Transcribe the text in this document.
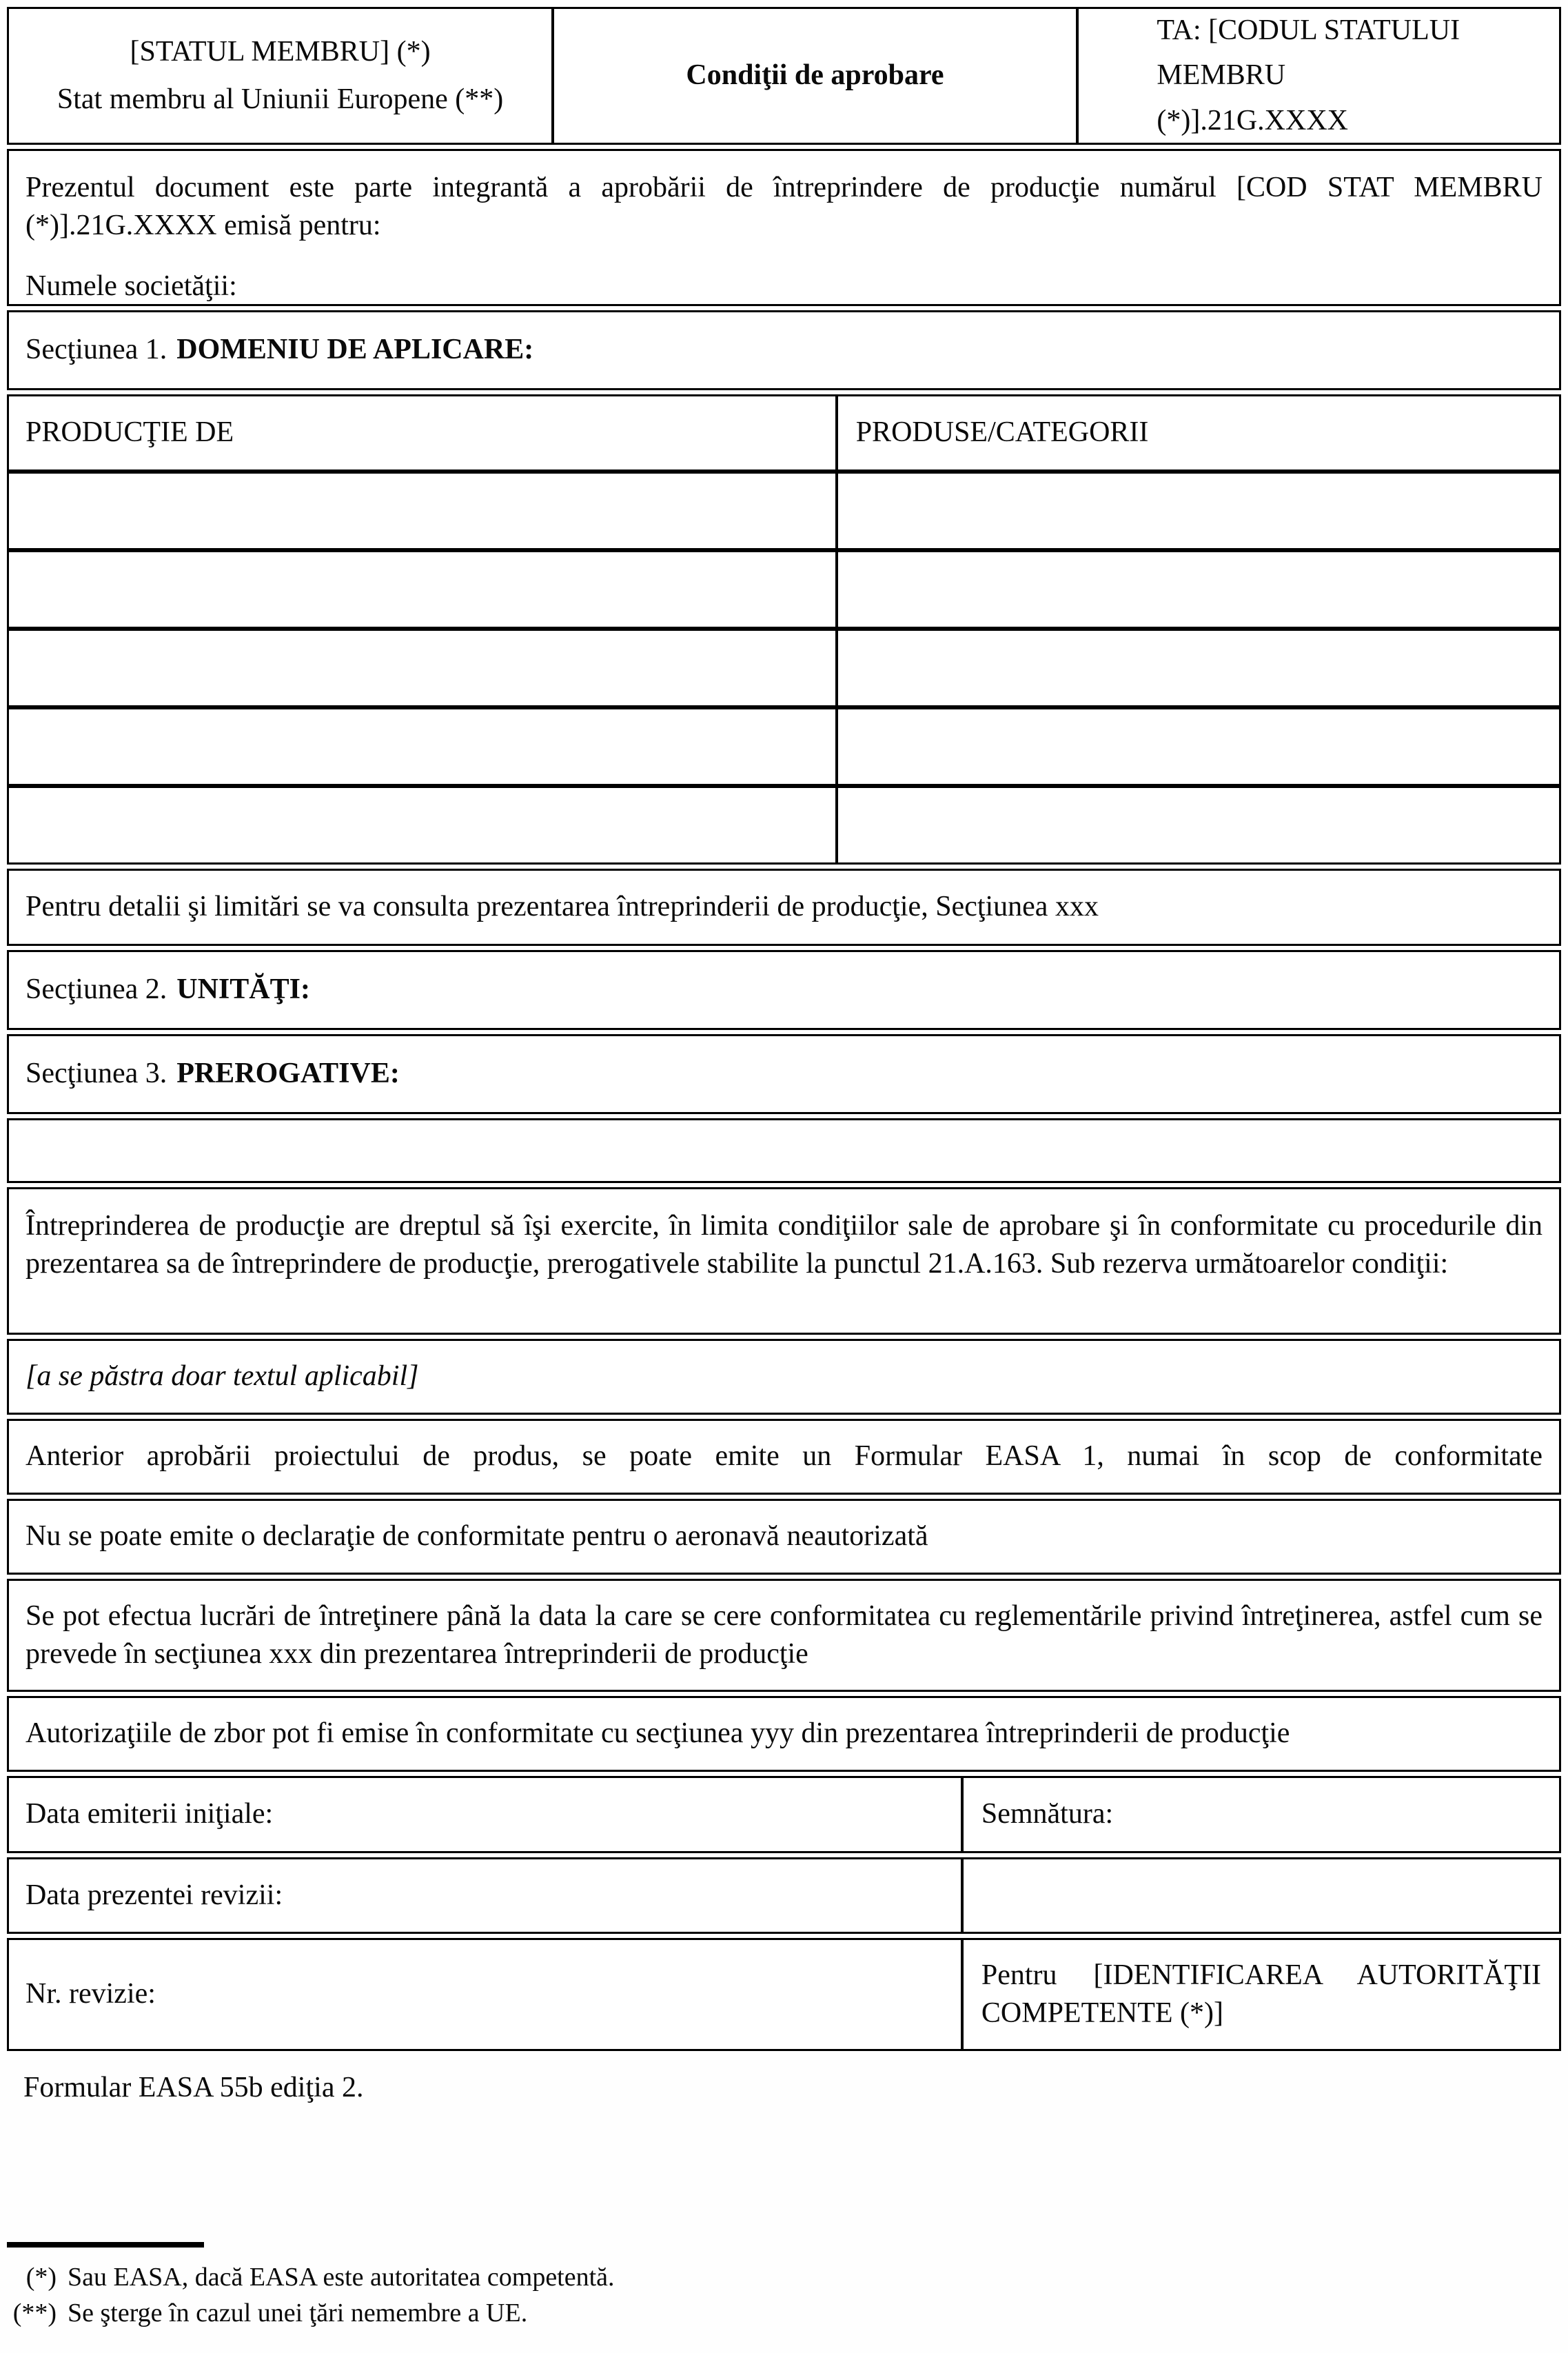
[STATUL MEMBRU] (*)
Stat membru al Uniunii Europene (**)
Condiţii de aprobare
TA: [CODUL STATULUI MEMBRU (*)].21G.XXXX
Prezentul document este parte integrantă a aprobării de întreprindere de producţie numărul [COD STAT MEMBRU (*)].21G.XXXX emisă pentru:
Numele societăţii:
Secţiunea 1. DOMENIU DE APLICARE:
PRODUCŢIE DE	PRODUSE/CATEGORII
Pentru detalii şi limitări se va consulta prezentarea întreprinderii de producţie, Secţiunea xxx
Secţiunea 2. UNITĂŢI:
Secţiunea 3. PREROGATIVE:
Întreprinderea de producţie are dreptul să îşi exercite, în limita condiţiilor sale de aprobare şi în conformitate cu procedurile din prezentarea sa de întreprindere de producţie, prerogativele stabilite la punctul 21.A.163. Sub rezerva următoarelor condiţii:
[a se păstra doar textul aplicabil]
Anterior aprobării proiectului de produs, se poate emite un Formular EASA 1, numai în scop de conformitate
Nu se poate emite o declaraţie de conformitate pentru o aeronavă neautorizată
Se pot efectua lucrări de întreţinere până la data la care se cere conformitatea cu reglementările privind întreţinerea, astfel cum se prevede în secţiunea xxx din prezentarea întreprinderii de producţie
Autorizaţiile de zbor pot fi emise în conformitate cu secţiunea yyy din prezentarea întreprinderii de producţie
Data emiterii iniţiale:	Semnătura:
Data prezentei revizii:
Nr. revizie:
Pentru [IDENTIFICAREA AUTORITĂŢII COMPETENTE (*)]
Formular EASA 55b ediţia 2.
(*) Sau EASA, dacă EASA este autoritatea competentă.
(**) Se şterge în cazul unei ţări nemembre a UE.
